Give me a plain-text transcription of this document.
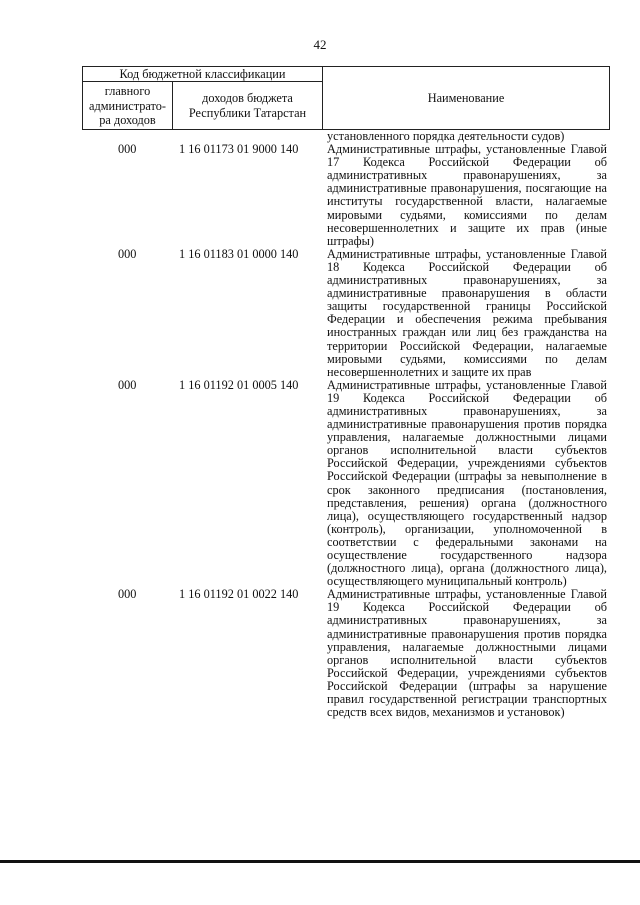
42
Код бюджетной классификации
главного
администрато-
ра доходов
доходов бюджета
Республики Татарстан
Наименование
установленного порядка деятельности судов)
000	1 16 01173 01 9000 140	Административные штрафы, установленные Главой 17 Кодекса Российской Федерации об административных правонарушениях, за административные правонарушения, посягающие на институты государственной власти, налагаемые мировыми судьями, комиссиями по делам несовершеннолетних и защите их прав (иные штрафы)
000	1 16 01183 01 0000 140	Административные штрафы, установленные Главой 18 Кодекса Российской Федерации об административных правонарушениях, за административные правонарушения в области защиты государственной границы Российской Федерации и обеспечения режима пребывания иностранных граждан или лиц без гражданства на территории Российской Федерации, налагаемые мировыми судьями, комиссиями по делам несовершеннолетних и защите их прав
000	1 16 01192 01 0005 140	Административные штрафы, установленные Главой 19 Кодекса Российской Федерации об административных правонарушениях, за административные правонарушения против порядка управления, налагаемые должностными лицами органов исполнительной власти субъектов Российской Федерации, учреждениями субъектов Российской Федерации (штрафы за невыполнение в срок законного предписания (постановления, представления, решения) органа (должностного лица), осуществляющего государственный надзор (контроль), организации, уполномоченной в соответствии с федеральными законами на осуществление государственного надзора (должностного лица), органа (должностного лица), осуществляющего муниципальный контроль)
000	1 16 01192 01 0022 140	Административные штрафы, установленные Главой 19 Кодекса Российской Федерации об административных правонарушениях, за административные правонарушения против порядка управления, налагаемые должностными лицами органов исполнительной власти субъектов Российской Федерации, учреждениями субъектов Российской Федерации (штрафы за нарушение правил государственной регистрации транспортных средств всех видов, механизмов и установок)
